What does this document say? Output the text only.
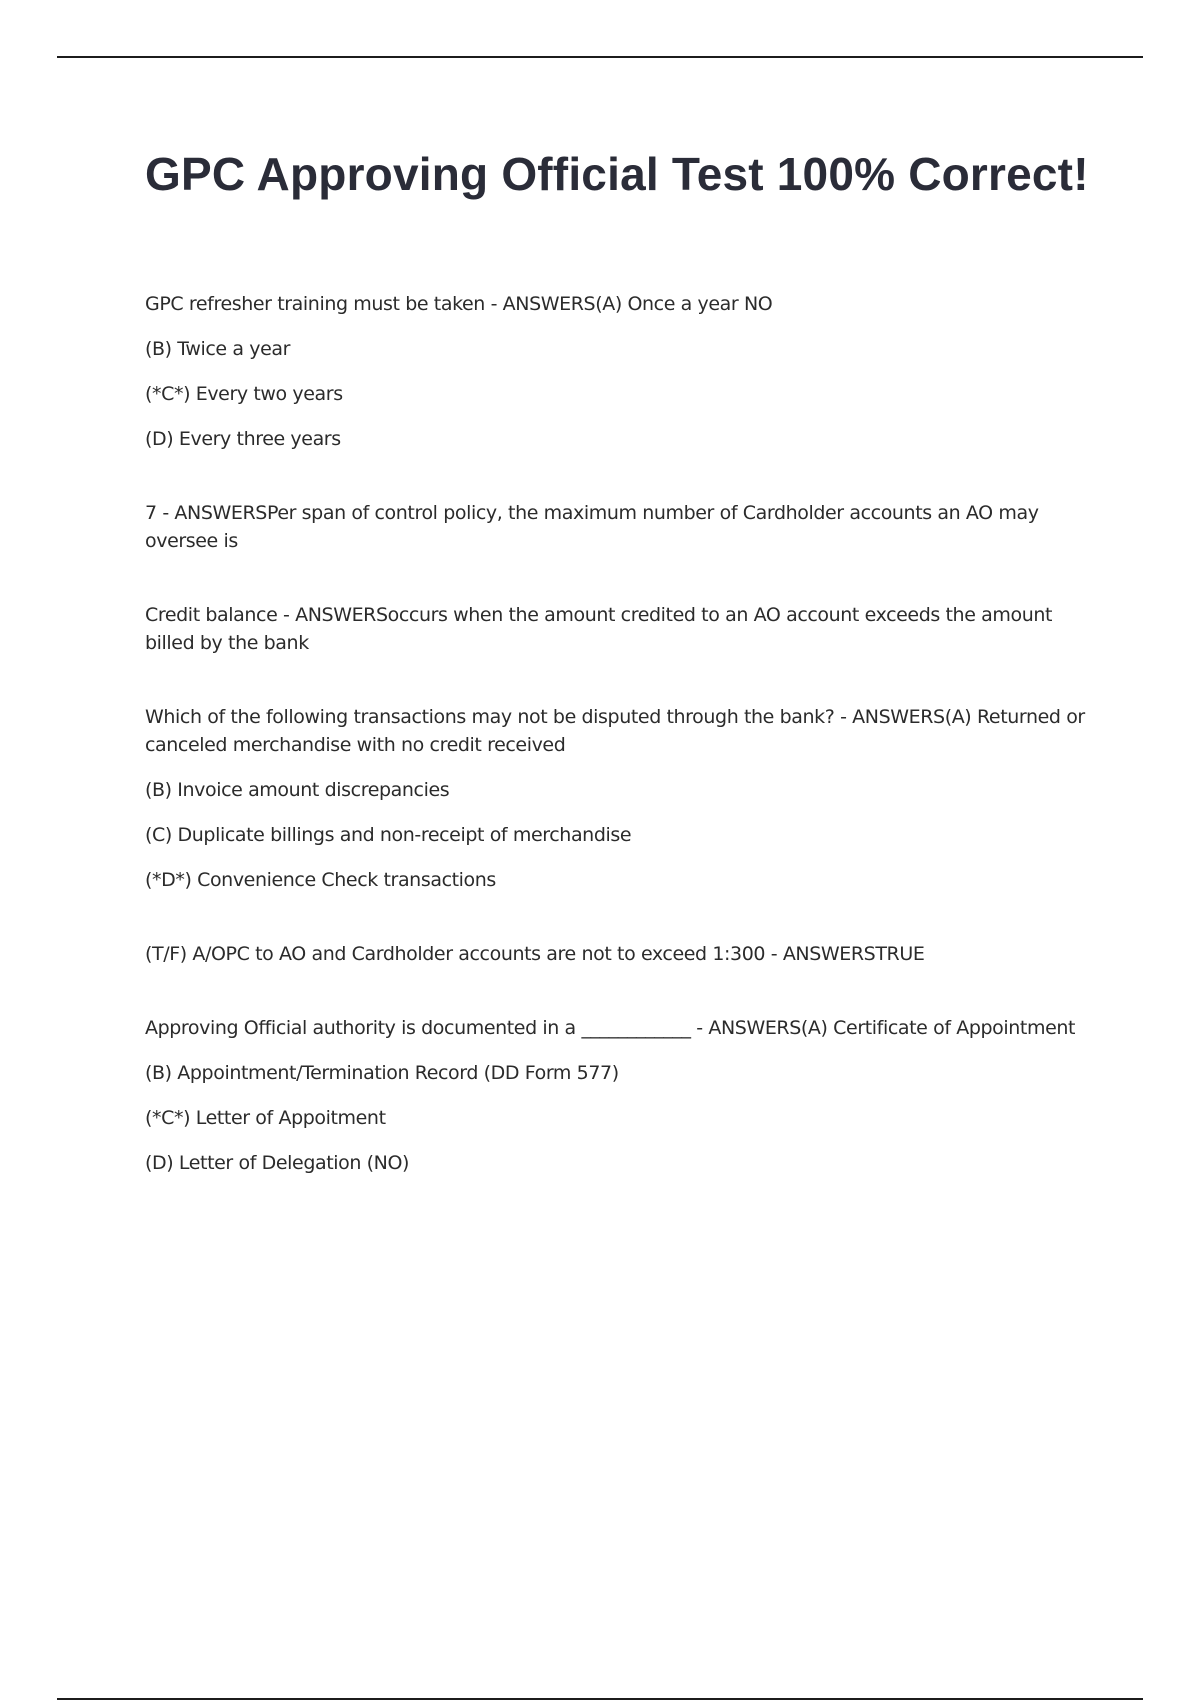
GPC Approving Official Test 100% Correct!

GPC refresher training must be taken - ANSWERS(A) Once a year NO

(B) Twice a year

(*C*) Every two years

(D) Every three years

7 - ANSWERSPer span of control policy, the maximum number of Cardholder accounts an AO may oversee is

Credit balance - ANSWERSoccurs when the amount credited to an AO account exceeds the amount billed by the bank

Which of the following transactions may not be disputed through the bank? - ANSWERS(A) Returned or canceled merchandise with no credit received

(B) Invoice amount discrepancies

(C) Duplicate billings and non-receipt of merchandise

(*D*) Convenience Check transactions

(T/F) A/OPC to AO and Cardholder accounts are not to exceed 1:300 - ANSWERSTRUE

Approving Official authority is documented in a ____________ - ANSWERS(A) Certificate of Appointment

(B) Appointment/Termination Record (DD Form 577)

(*C*) Letter of Appoitment

(D) Letter of Delegation (NO)
